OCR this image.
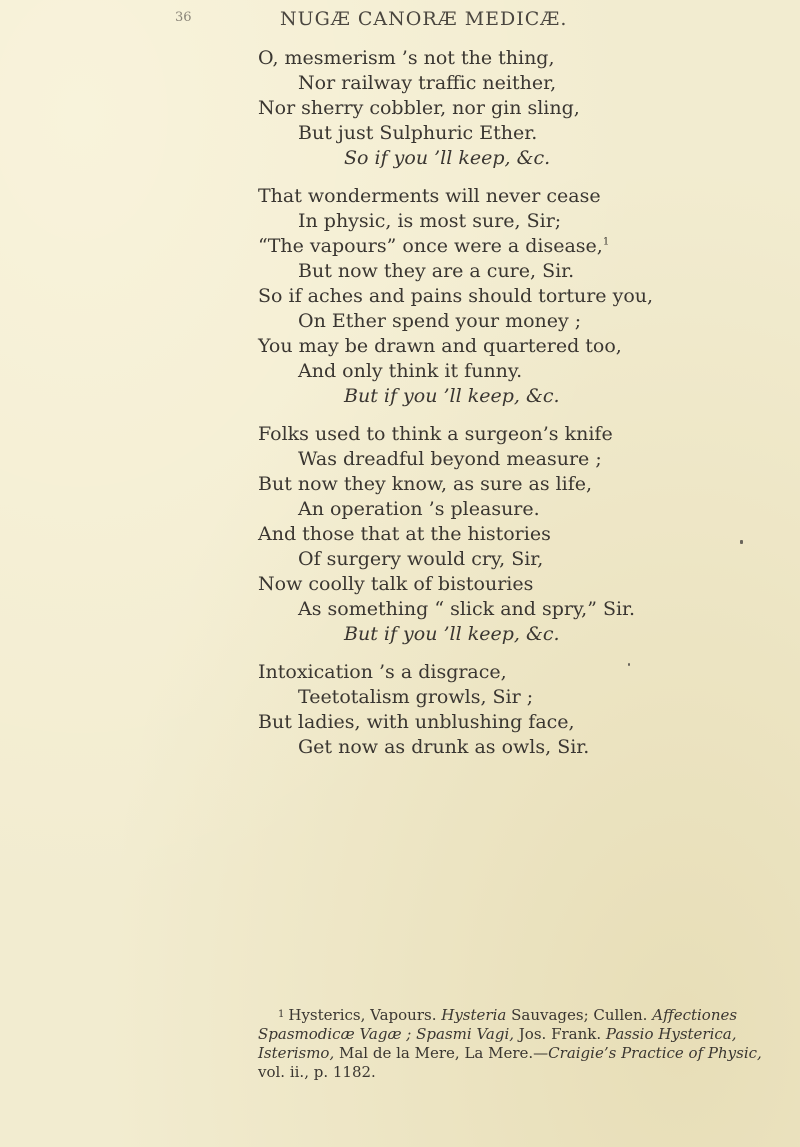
36	NUGÆ CANORÆ MEDICÆ.
O, mesmerism ’s not the thing,
Nor railway traffic neither,
Nor sherry cobbler, nor gin sling,
But just Sulphuric Ether.
So if you ’ll keep, &c.
That wonderments will never cease
In physic, is most sure, Sir;
“The vapours” once were a disease,$^1$
But now they are a cure, Sir.
So if aches and pains should torture you,
On Ether spend your money ;
You may be drawn and quartered too,
And only think it funny.
But if you ’ll keep, &c.
Folks used to think a surgeon’s knife
Was dreadful beyond measure ;
But now they know, as sure as life,
An operation ’s pleasure.
And those that at the histories
Of surgery would cry, Sir,
Now coolly talk of bistouries
As something “ slick and spry,” Sir.
But if you ’ll keep, &c.
Intoxication ’s a disgrace,
Teetotalism growls, Sir ;
But ladies, with unblushing face,
Get now as drunk as owls, Sir.
$^1$ Hysterics, Vapours. Hysteria Sauvages; Cullen. Affectiones Spasmodicæ Vagæ ; Spasmi Vagi, Jos. Frank. Passio Hysterica, Isterismo, Mal de la Mere, La Mere.—Craigie’s Practice of Physic, vol. ii., p. 1182.
